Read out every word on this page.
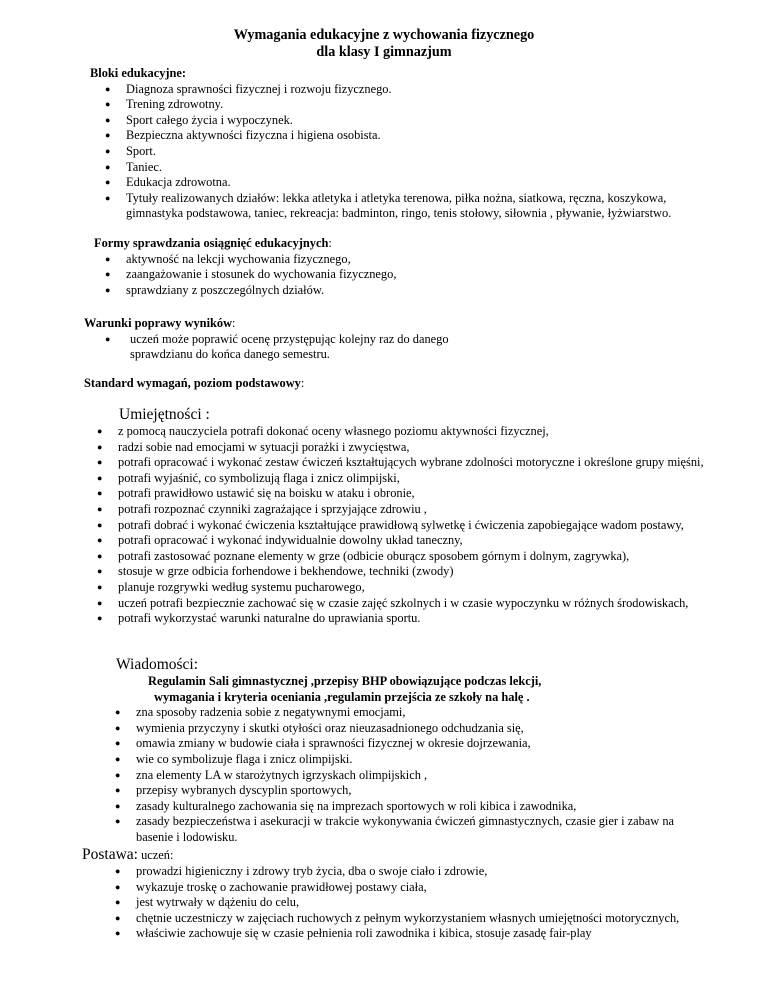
Wymagania edukacyjne z wychowania fizycznego
dla klasy I gimnazjum
Bloki edukacyjne:
● Diagnoza sprawności fizycznej i rozwoju fizycznego.
● Trening zdrowotny.
● Sport całego życia i wypoczynek.
● Bezpieczna aktywności fizyczna i higiena osobista.
● Sport.
● Taniec.
● Edukacja zdrowotna.
● Tytuły realizowanych działów: lekka atletyka i atletyka terenowa, piłka nożna, siatkowa, ręczna, koszykowa, gimnastyka podstawowa, taniec, rekreacja: badminton, ringo, tenis stołowy, siłownia , pływanie, łyżwiarstwo.
Formy sprawdzania osiągnięć edukacyjnych:
● aktywność na lekcji wychowania fizycznego,
● zaangażowanie i stosunek do wychowania fizycznego,
● sprawdziany z poszczególnych działów.
Warunki poprawy wyników:
● uczeń może poprawić ocenę przystępując kolejny raz do danego sprawdzianu do końca danego semestru.
Standard wymagań, poziom podstawowy:
Umiejętności :
● z pomocą nauczyciela potrafi dokonać oceny własnego poziomu aktywności fizycznej,
● radzi sobie nad emocjami w sytuacji porażki i zwycięstwa,
● potrafi opracować i wykonać zestaw ćwiczeń kształtujących wybrane zdolności motoryczne i określone grupy mięśni,
● potrafi wyjaśnić, co symbolizują flaga i znicz olimpijski,
● potrafi prawidłowo ustawić się na boisku w ataku i obronie,
● potrafi rozpoznać czynniki zagrażające i sprzyjające zdrowiu ,
● potrafi dobrać i wykonać ćwiczenia kształtujące prawidłową sylwetkę i ćwiczenia zapobiegające wadom postawy,
● potrafi opracować i wykonać indywidualnie dowolny układ taneczny,
● potrafi zastosować poznane elementy w grze (odbicie oburącz sposobem górnym i dolnym, zagrywka),
● stosuje w grze odbicia forhendowe i bekhendowe, techniki (zwody)
● planuje rozgrywki według systemu pucharowego,
● uczeń potrafi bezpiecznie zachować się w czasie zajęć szkolnych i w czasie wypoczynku w różnych środowiskach,
● potrafi wykorzystać warunki naturalne do uprawiania sportu.
Wiadomości:
Regulamin Sali gimnastycznej ,przepisy BHP obowiązujące podczas lekcji,
wymagania i kryteria oceniania ,regulamin przejścia ze szkoły na halę .
● zna sposoby radzenia sobie z negatywnymi emocjami,
● wymienia przyczyny i skutki otyłości oraz nieuzasadnionego odchudzania się,
● omawia zmiany w budowie ciała i sprawności fizycznej w okresie dojrzewania,
● wie co symbolizuje flaga i znicz olimpijski.
● zna elementy LA w starożytnych igrzyskach olimpijskich ,
● przepisy wybranych dyscyplin sportowych,
● zasady kulturalnego zachowania się na imprezach sportowych w roli kibica i zawodnika,
● zasady bezpieczeństwa i asekuracji w trakcie wykonywania ćwiczeń gimnastycznych, czasie gier i zabaw na basenie i lodowisku.
Postawa: uczeń:
● prowadzi higieniczny i zdrowy tryb życia, dba o swoje ciało i zdrowie,
● wykazuje troskę o zachowanie prawidłowej postawy ciała,
● jest wytrwały w dążeniu do celu,
● chętnie uczestniczy w zajęciach ruchowych z pełnym wykorzystaniem własnych umiejętności motorycznych,
● właściwie zachowuje się w czasie pełnienia roli zawodnika i kibica, stosuje zasadę fair-play
